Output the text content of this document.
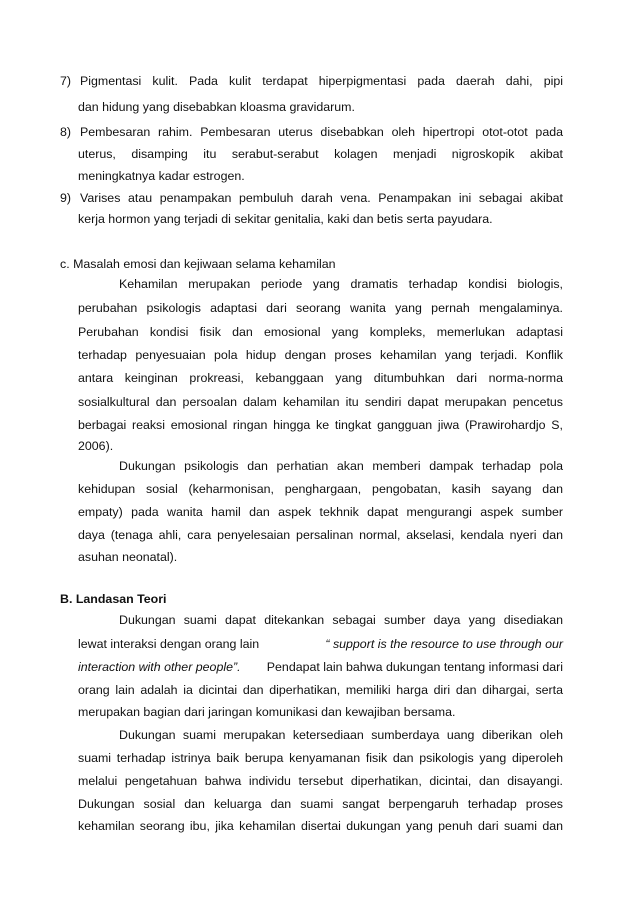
7) Pigmentasi kulit. Pada kulit terdapat hiperpigmentasi pada daerah dahi, pipi
dan hidung yang disebabkan kloasma gravidarum.
8) Pembesaran rahim. Pembesaran uterus disebabkan oleh hipertropi otot-otot pada
uterus, disamping itu serabut-serabut kolagen menjadi nigroskopik akibat
meningkatnya kadar estrogen.
9) Varises atau penampakan pembuluh darah vena. Penampakan ini sebagai akibat
kerja hormon yang terjadi di sekitar genitalia, kaki dan betis serta payudara.
c. Masalah emosi dan kejiwaan selama kehamilan
Kehamilan merupakan periode yang dramatis terhadap kondisi biologis,
perubahan psikologis adaptasi dari seorang wanita yang pernah mengalaminya.
Perubahan kondisi fisik dan emosional yang kompleks, memerlukan adaptasi
terhadap penyesuaian pola hidup dengan proses kehamilan yang terjadi. Konflik
antara keinginan prokreasi, kebanggaan yang ditumbuhkan dari norma-norma
sosialkultural dan persoalan dalam kehamilan itu sendiri dapat merupakan pencetus
berbagai reaksi emosional ringan hingga ke tingkat gangguan jiwa (Prawirohardjo S,
2006).
Dukungan psikologis dan perhatian akan memberi dampak terhadap pola
kehidupan sosial (keharmonisan, penghargaan, pengobatan, kasih sayang dan
empaty) pada wanita hamil dan aspek tekhnik dapat mengurangi aspek sumber
daya (tenaga ahli, cara penyelesaian persalinan normal, akselasi, kendala nyeri dan
asuhan neonatal).
B. Landasan Teori
Dukungan suami dapat ditekankan sebagai sumber daya yang disediakan
lewat interaksi dengan orang lain	“ support is the resource to use through our
interaction with other people”. Pendapat lain bahwa dukungan tentang informasi dari
orang lain adalah ia dicintai dan diperhatikan, memiliki harga diri dan dihargai, serta
merupakan bagian dari jaringan komunikasi dan kewajiban bersama.
Dukungan suami merupakan ketersediaan sumberdaya uang diberikan oleh
suami terhadap istrinya baik berupa kenyamanan fisik dan psikologis yang diperoleh
melalui pengetahuan bahwa individu tersebut diperhatikan, dicintai, dan disayangi.
Dukungan sosial dan keluarga dan suami sangat berpengaruh terhadap proses
kehamilan seorang ibu, jika kehamilan disertai dukungan yang penuh dari suami dan
